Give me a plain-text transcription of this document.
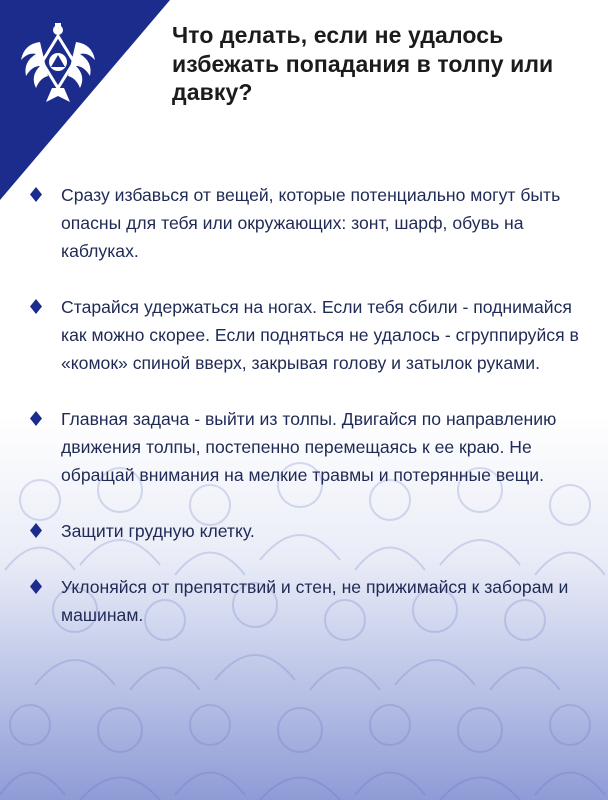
Что делать, если не удалось избежать попадания в толпу или давку?
Сразу избавься от вещей, которые потенциально могут быть опасны для тебя или окружающих: зонт, шарф, обувь на каблуках.
Старайся удержаться на ногах. Если тебя сбили - поднимайся как можно скорее. Если подняться не удалось - сгруппируйся в «комок» спиной вверх, закрывая голову и затылок руками.
Главная задача - выйти из толпы. Двигайся по направлению движения толпы, постепенно перемещаясь к ее краю. Не обращай внимания на мелкие травмы и потерянные вещи.
Защити грудную клетку.
Уклоняйся от препятствий и стен, не прижимайся к заборам и машинам.
